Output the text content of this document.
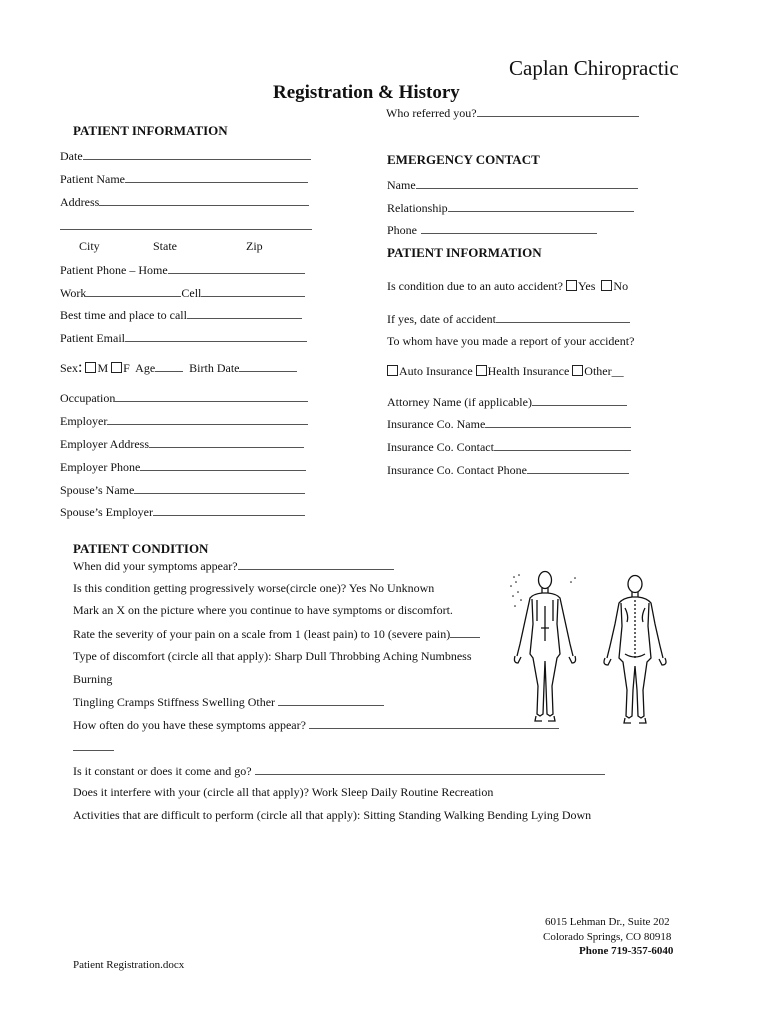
Caplan Chiropractic
Registration & History
Who referred you?
PATIENT INFORMATION
Date
Patient Name
Address
City	State	Zip
Patient Phone – Home
Work	Cell
Best time and place to call
Patient Email
Sex: M F Age	Birth Date
Occupation
Employer
Employer Address
Employer Phone
Spouse’s Name
Spouse’s Employer
EMERGENCY CONTACT
Name
Relationship
Phone
PATIENT INFORMATION
Is condition due to an auto accident? Yes No
If yes, date of accident
To whom have you made a report of your accident?
Auto Insurance Health Insurance Other__
Attorney Name (if applicable)
Insurance Co. Name
Insurance Co. Contact
Insurance Co. Contact Phone
PATIENT CONDITION
When did your symptoms appear?
Is this condition getting progressively worse(circle one)? Yes No Unknown
Mark an X on the picture where you continue to have symptoms or discomfort.
Rate the severity of your pain on a scale from 1 (least pain) to 10 (severe pain)
Type of discomfort (circle all that apply): Sharp Dull Throbbing Aching Numbness
Burning
Tingling Cramps Stiffness Swelling Other
How often do you have these symptoms appear?
Is it constant or does it come and go?
Does it interfere with your (circle all that apply)? Work Sleep Daily Routine Recreation
Activities that are difficult to perform (circle all that apply): Sitting Standing Walking Bending Lying Down
6015 Lehman Dr., Suite 202
Colorado Springs, CO 80918
Phone 719-357-6040
Patient Registration.docx
